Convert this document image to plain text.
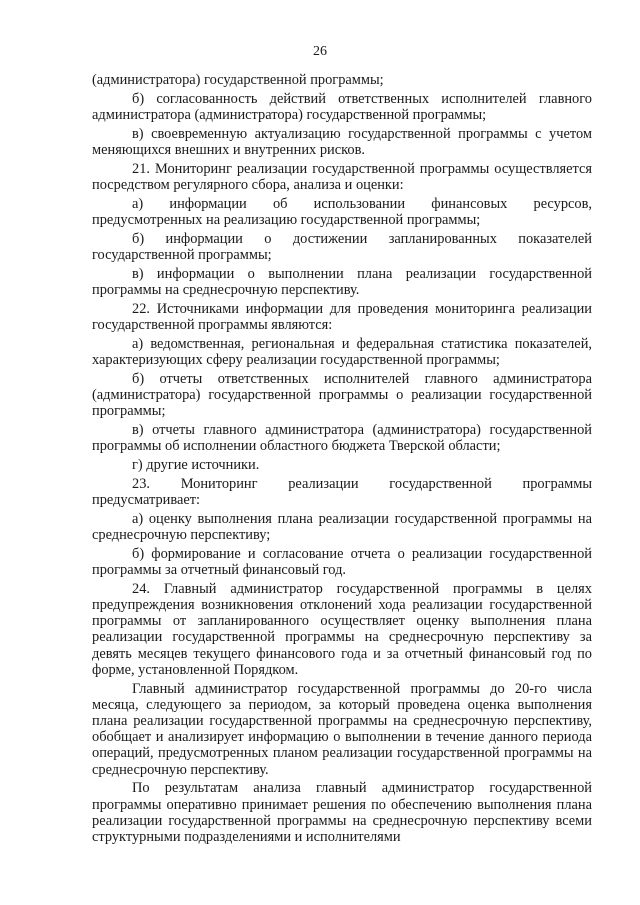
26

(администратора) государственной программы;

б) согласованность действий ответственных исполнителей главного администратора (администратора) государственной программы;

в) своевременную актуализацию государственной программы с учетом меняющихся внешних и внутренних рисков.

21. Мониторинг реализации государственной программы осуществляется посредством регулярного сбора, анализа и оценки:

а) информации об использовании финансовых ресурсов, предусмотренных на реализацию государственной программы;

б) информации о достижении запланированных показателей государственной программы;

в) информации о выполнении плана реализации государственной программы на среднесрочную перспективу.

22. Источниками информации для проведения мониторинга реализации государственной программы являются:

а) ведомственная, региональная и федеральная статистика показателей, характеризующих сферу реализации государственной программы;

б) отчеты ответственных исполнителей главного администратора (администратора) государственной программы о реализации государственной программы;

в) отчеты главного администратора (администратора) государственной программы об исполнении областного бюджета Тверской области;

г) другие источники.

23. Мониторинг реализации государственной программы предусматривает:

а) оценку выполнения плана реализации государственной программы на среднесрочную перспективу;

б) формирование и согласование отчета о реализации государственной программы за отчетный финансовый год.

24. Главный администратор государственной программы в целях предупреждения возникновения отклонений хода реализации государственной программы от запланированного осуществляет оценку выполнения плана реализации государственной программы на среднесрочную перспективу за девять месяцев текущего финансового года и за отчетный финансовый год по форме, установленной Порядком.

Главный администратор государственной программы до 20-го числа месяца, следующего за периодом, за который проведена оценка выполнения плана реализации государственной программы на среднесрочную перспективу, обобщает и анализирует информацию о выполнении в течение данного периода операций, предусмотренных планом реализации государственной программы на среднесрочную перспективу.

По результатам анализа главный администратор государственной программы оперативно принимает решения по обеспечению выполнения плана реализации государственной программы на среднесрочную перспективу всеми структурными подразделениями и исполнителями
